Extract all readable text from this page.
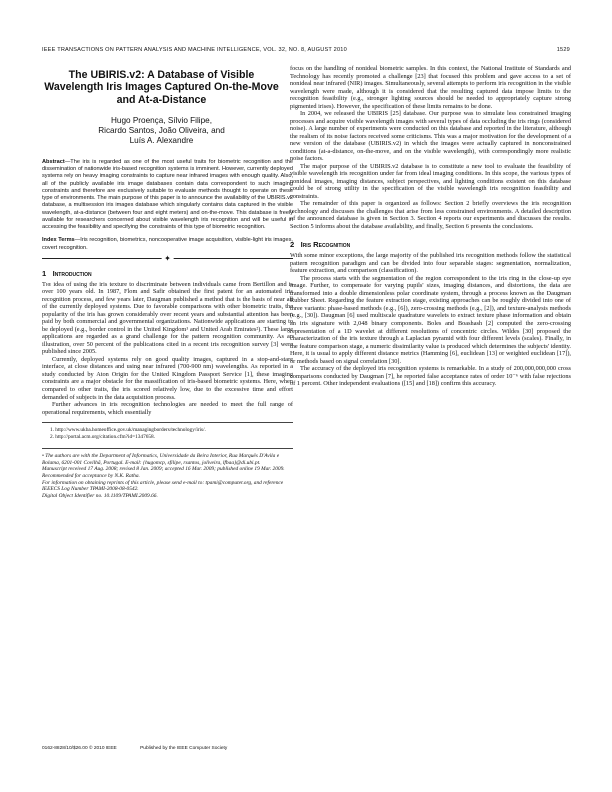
IEEE TRANSACTIONS ON PATTERN ANALYSIS AND MACHINE INTELLIGENCE, VOL. 32, NO. 8, AUGUST 2010	1529
The UBIRIS.v2: A Database of Visible Wavelength Iris Images Captured On-the-Move and At-a-Distance
Hugo Proença, Sílvio Filipe,
Ricardo Santos, João Oliveira, and
Luís A. Alexandre
Abstract—The iris is regarded as one of the most useful traits for biometric recognition and the dissemination of nationwide iris-based recognition systems is imminent. However, currently deployed systems rely on heavy imaging constraints to capture near infrared images with enough quality. Also, all of the publicly available iris image databases contain data correspondent to such imaging constraints and therefore are exclusively suitable to evaluate methods thought to operate on these type of environments. The main purpose of this paper is to announce the availability of the UBIRIS.v2 database, a multisession iris images database which singularly contains data captured in the visible wavelength, at-a-distance (between four and eight meters) and on-the-move. This database is freely available for researchers concerned about visible wavelength iris recognition and will be useful in accessing the feasibility and specifying the constraints of this type of biometric recognition.
Index Terms—Iris recognition, biometrics, noncooperative image acquisition, visible-light iris images, covert recognition.
✦
1 Introduction

The idea of using the iris texture to discriminate between individuals came from Bertillon and is over 100 years old. In 1987, Flom and Safir obtained the first patent for an automated iris recognition process, and few years later, Daugman published a method that is the basis of near all of the currently deployed systems. Due to favorable comparisons with other biometric traits, the popularity of the iris has grown considerably over recent years and substantial attention has been paid by both commercial and governmental organizations. Nationwide applications are starting to be deployed (e.g., border control in the United Kingdom¹ and United Arab Emirates²). These large applications are regarded as a grand challenge for the pattern recognition community. As an illustration, over 50 percent of the publications cited in a recent iris recognition survey [3] were published since 2005.

Currently, deployed systems rely on good quality images, captured in a stop-and-stare interface, at close distances and using near infrared (700-900 nm) wavelengths. As reported in a study conducted by Aton Origin for the United Kingdom Passport Service [1], these imaging constraints are a major obstacle for the massification of iris-based biometric systems. Here, when compared to other traits, the iris scored relatively low, due to the excessive time and effort demanded of subjects in the data acquisition process.

Further advances in iris recognition technologies are needed to meet the full range of operational requirements, which essentially

1. http://www.ukba.homeoffice.gov.uk/managingborders/technology/iris/.
2. http://portal.acm.org/citation.cfm?id=1347658.
• The authors are with the Department of Informatics, Universidade da Beira Interior, Rua Marquês D'Avila e Bolama, 6201-001 Covilhã, Portugal. E-mail: {hugomcp, sfilipe, rsantos, joliveira, lfbaa}@di.ubi.pt.
Manuscript received 17 Aug. 2008; revised 8 Jan. 2009; accepted 16 Mar. 2009; published online 19 Mar. 2009.
Recommended for acceptance by N.K. Ratha.
For information on obtaining reprints of this article, please send e-mail to: tpami@computer.org, and reference IEEECS Log Number TPAMI-2008-08-0542.
Digital Object Identifier no. 10.1109/TPAMI.2009.66.

focus on the handling of nonideal biometric samples. In this context, the National Institute of Standards and Technology has recently promoted a challenge [23] that focused this problem and gave access to a set of nonideal near infrared (NIR) images. Simultaneously, several attempts to perform iris recognition in the visible wavelength were made, although it is considered that the resulting captured data impose limits to the recognition feasibility (e.g., stronger lighting sources should be needed to appropriately capture strong pigmented irises). However, the specification of these limits remains to be done.

In 2004, we released the UBIRIS [25] database. Our purpose was to simulate less constrained imaging processes and acquire visible wavelength images with several types of data occluding the iris rings (considered noise). A large number of experiments were conducted on this database and reported in the literature, although the realism of its noise factors received some criticisms. This was a major motivation for the development of a new version of the database (UBIRIS.v2) in which the images were actually captured in nonconstrained conditions (at-a-distance, on-the-move, and on the visible wavelength), with correspondingly more realistic noise factors.

The major purpose of the UBIRIS.v2 database is to constitute a new tool to evaluate the feasibility of visible wavelength iris recognition under far from ideal imaging conditions. In this scope, the various types of nonideal images, imaging distances, subject perspectives, and lighting conditions existent on this database could be of strong utility in the specification of the visible wavelength iris recognition feasibility and constraints.

The remainder of this paper is organized as follows: Section 2 briefly overviews the iris recognition technology and discusses the challenges that arise from less constrained environments. A detailed description of the announced database is given in Section 3. Section 4 reports our experiments and discusses the results. Section 5 informs about the database availability, and finally, Section 6 presents the conclusions.

2 Iris Recognition

With some minor exceptions, the large majority of the published iris recognition methods follow the statistical pattern recognition paradigm and can be divided into four separable stages: segmentation, normalization, feature extraction, and comparison (classification).

The process starts with the segmentation of the region correspondent to the iris ring in the close-up eye image. Further, to compensate for varying pupils' sizes, imaging distances, and distortions, the data are transformed into a double dimensionless polar coordinate system, through a process known as the Daugman Rubber Sheet. Regarding the feature extraction stage, existing approaches can be roughly divided into one of three variants: phase-based methods (e.g., [6]), zero-crossing methods (e.g., [2]), and texture-analysis methods (e.g., [30]). Daugman [6] used multiscale quadrature wavelets to extract texture phase information and obtain an iris signature with 2,048 binary components. Boles and Boashash [2] computed the zero-crossing representation of a 1D wavelet at different resolutions of concentric circles. Wildes [30] proposed the characterization of the iris texture through a Laplacian pyramid with four different levels (scales). Finally, in the feature comparison stage, a numeric dissimilarity value is produced which determines the subjects' identity. Here, it is usual to apply different distance metrics (Hamming [6], euclidean [13] or weighted euclidean [17]), or methods based on signal correlation [30].

The accuracy of the deployed iris recognition systems is remarkable. In a study of 200,000,000,000 cross comparisons conducted by Daugman [7], he reported false acceptance rates of order 10⁻⁶ with false rejections of 1 percent. Other independent evaluations ([15] and [18]) confirm this accuracy.

0162-8828/10/$26.00 © 2010 IEEE	Published by the IEEE Computer Society
